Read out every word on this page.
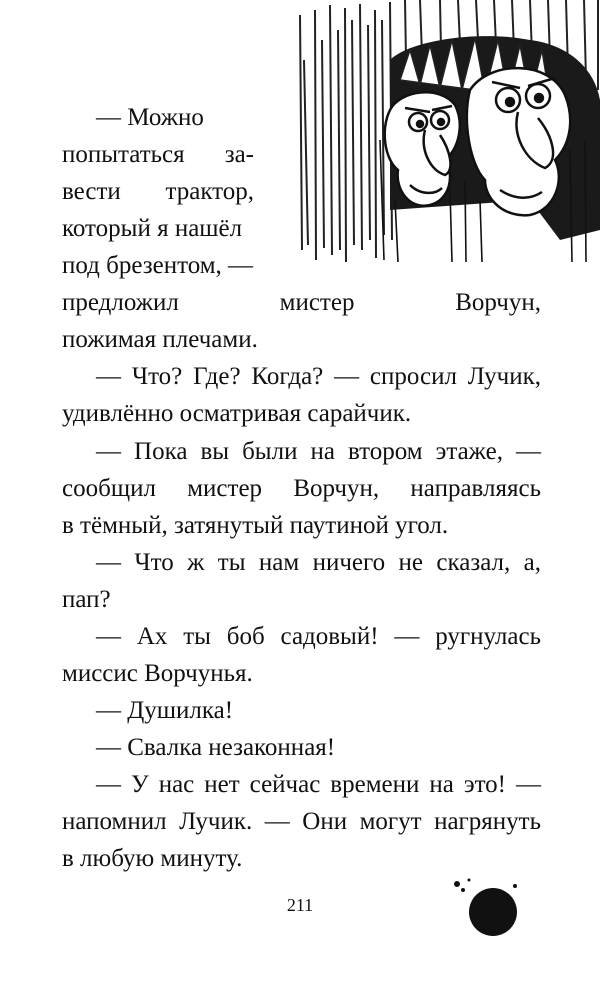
— Можно
попытаться за-
вести трактор,
который я нашёл
под брезентом, —
предложил мистер Ворчун,
пожимая плечами.
— Что? Где? Когда? — спросил Лучик,
удивлённо осматривая сарайчик.
— Пока вы были на втором этаже, —
сообщил мистер Ворчун, направляясь
в тёмный, затянутый паутиной угол.
— Что ж ты нам ничего не сказал, а,
пап?
— Ах ты боб садовый! — ругнулась
миссис Ворчунья.
— Душилка!
— Свалка незаконная!
— У нас нет сейчас времени на это! —
напомнил Лучик. — Они могут нагрянуть
в любую минуту.
211
